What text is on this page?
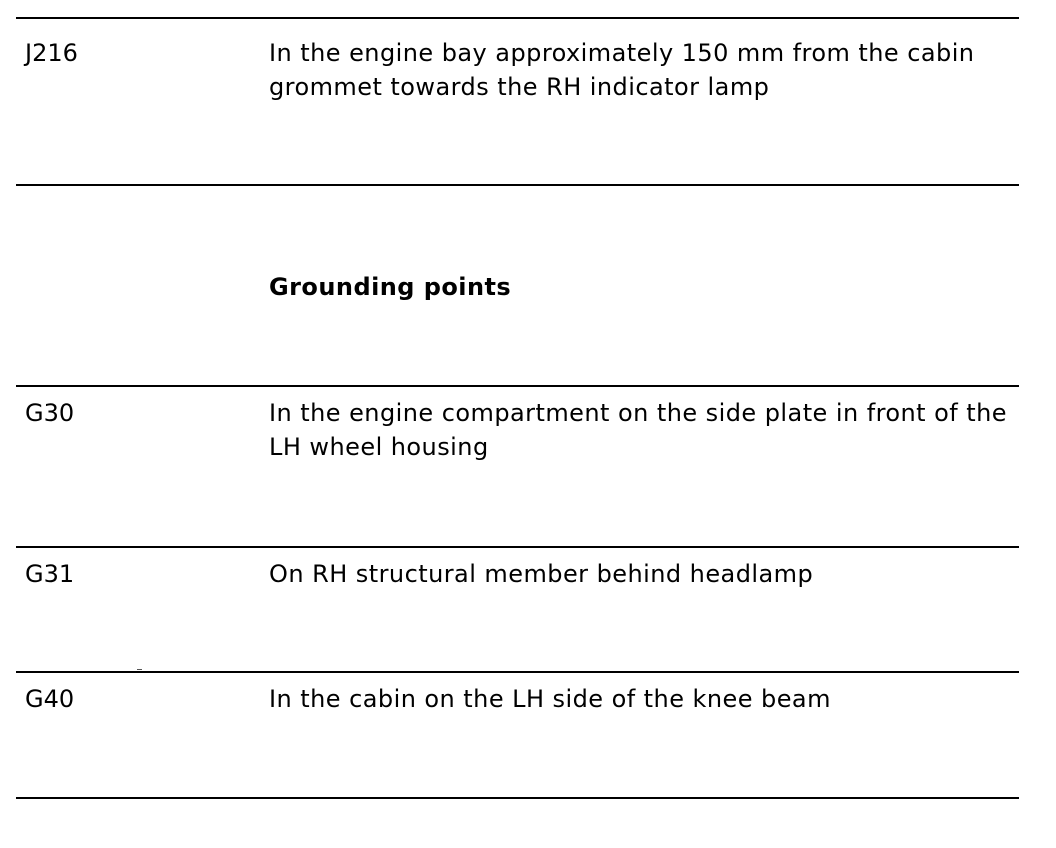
J216	In the engine bay approximately 150 mm from the cabin grommet towards the RH indicator lamp
Grounding points
G30	In the engine compartment on the side plate in front of the LH wheel housing
G31	On RH structural member behind headlamp
G40	In the cabin on the LH side of the knee beam
